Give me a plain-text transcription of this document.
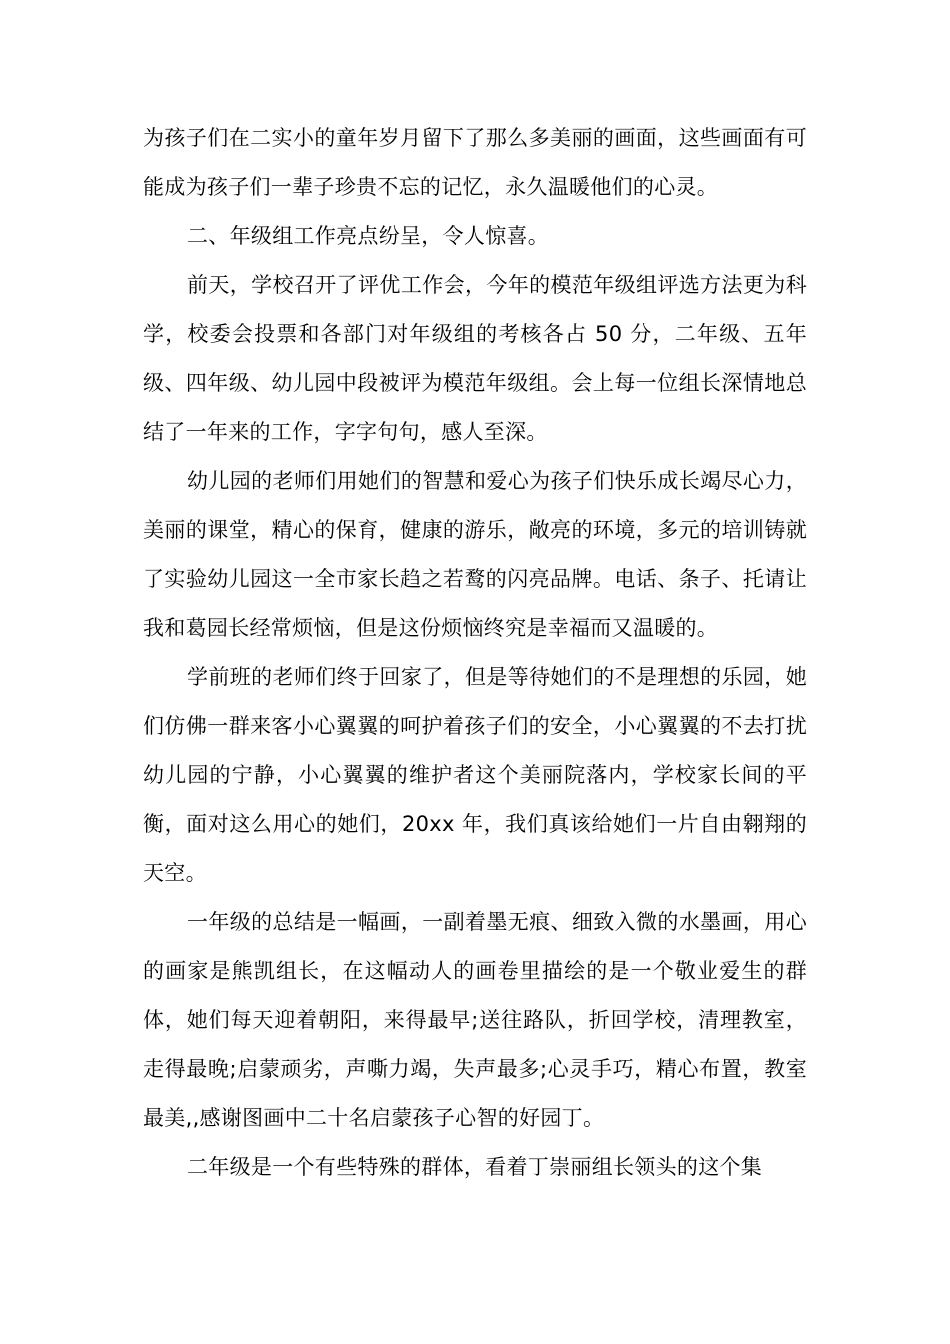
为孩子们在二实小的童年岁月留下了那么多美丽的画面，这些画面有可能成为孩子们一辈子珍贵不忘的记忆，永久温暖他们的心灵。

二、年级组工作亮点纷呈，令人惊喜。

前天，学校召开了评优工作会，今年的模范年级组评选方法更为科学，校委会投票和各部门对年级组的考核各占 50 分，二年级、五年级、四年级、幼儿园中段被评为模范年级组。会上每一位组长深情地总结了一年来的工作，字字句句，感人至深。

幼儿园的老师们用她们的智慧和爱心为孩子们快乐成长竭尽心力，美丽的课堂，精心的保育，健康的游乐，敞亮的环境，多元的培训铸就了实验幼儿园这一全市家长趋之若鹜的闪亮品牌。电话、条子、托请让我和葛园长经常烦恼，但是这份烦恼终究是幸福而又温暖的。

学前班的老师们终于回家了，但是等待她们的不是理想的乐园，她们仿佛一群来客小心翼翼的呵护着孩子们的安全，小心翼翼的不去打扰幼儿园的宁静，小心翼翼的维护者这个美丽院落内，学校家长间的平衡，面对这么用心的她们，20xx 年，我们真该给她们一片自由翱翔的天空。

一年级的总结是一幅画，一副着墨无痕、细致入微的水墨画，用心的画家是熊凯组长，在这幅动人的画卷里描绘的是一个敬业爱生的群体，她们每天迎着朝阳，来得最早;送往路队，折回学校，清理教室，走得最晚;启蒙顽劣，声嘶力竭，失声最多;心灵手巧，精心布置，教室最美,,感谢图画中二十名启蒙孩子心智的好园丁。

二年级是一个有些特殊的群体，看着丁崇丽组长领头的这个集
